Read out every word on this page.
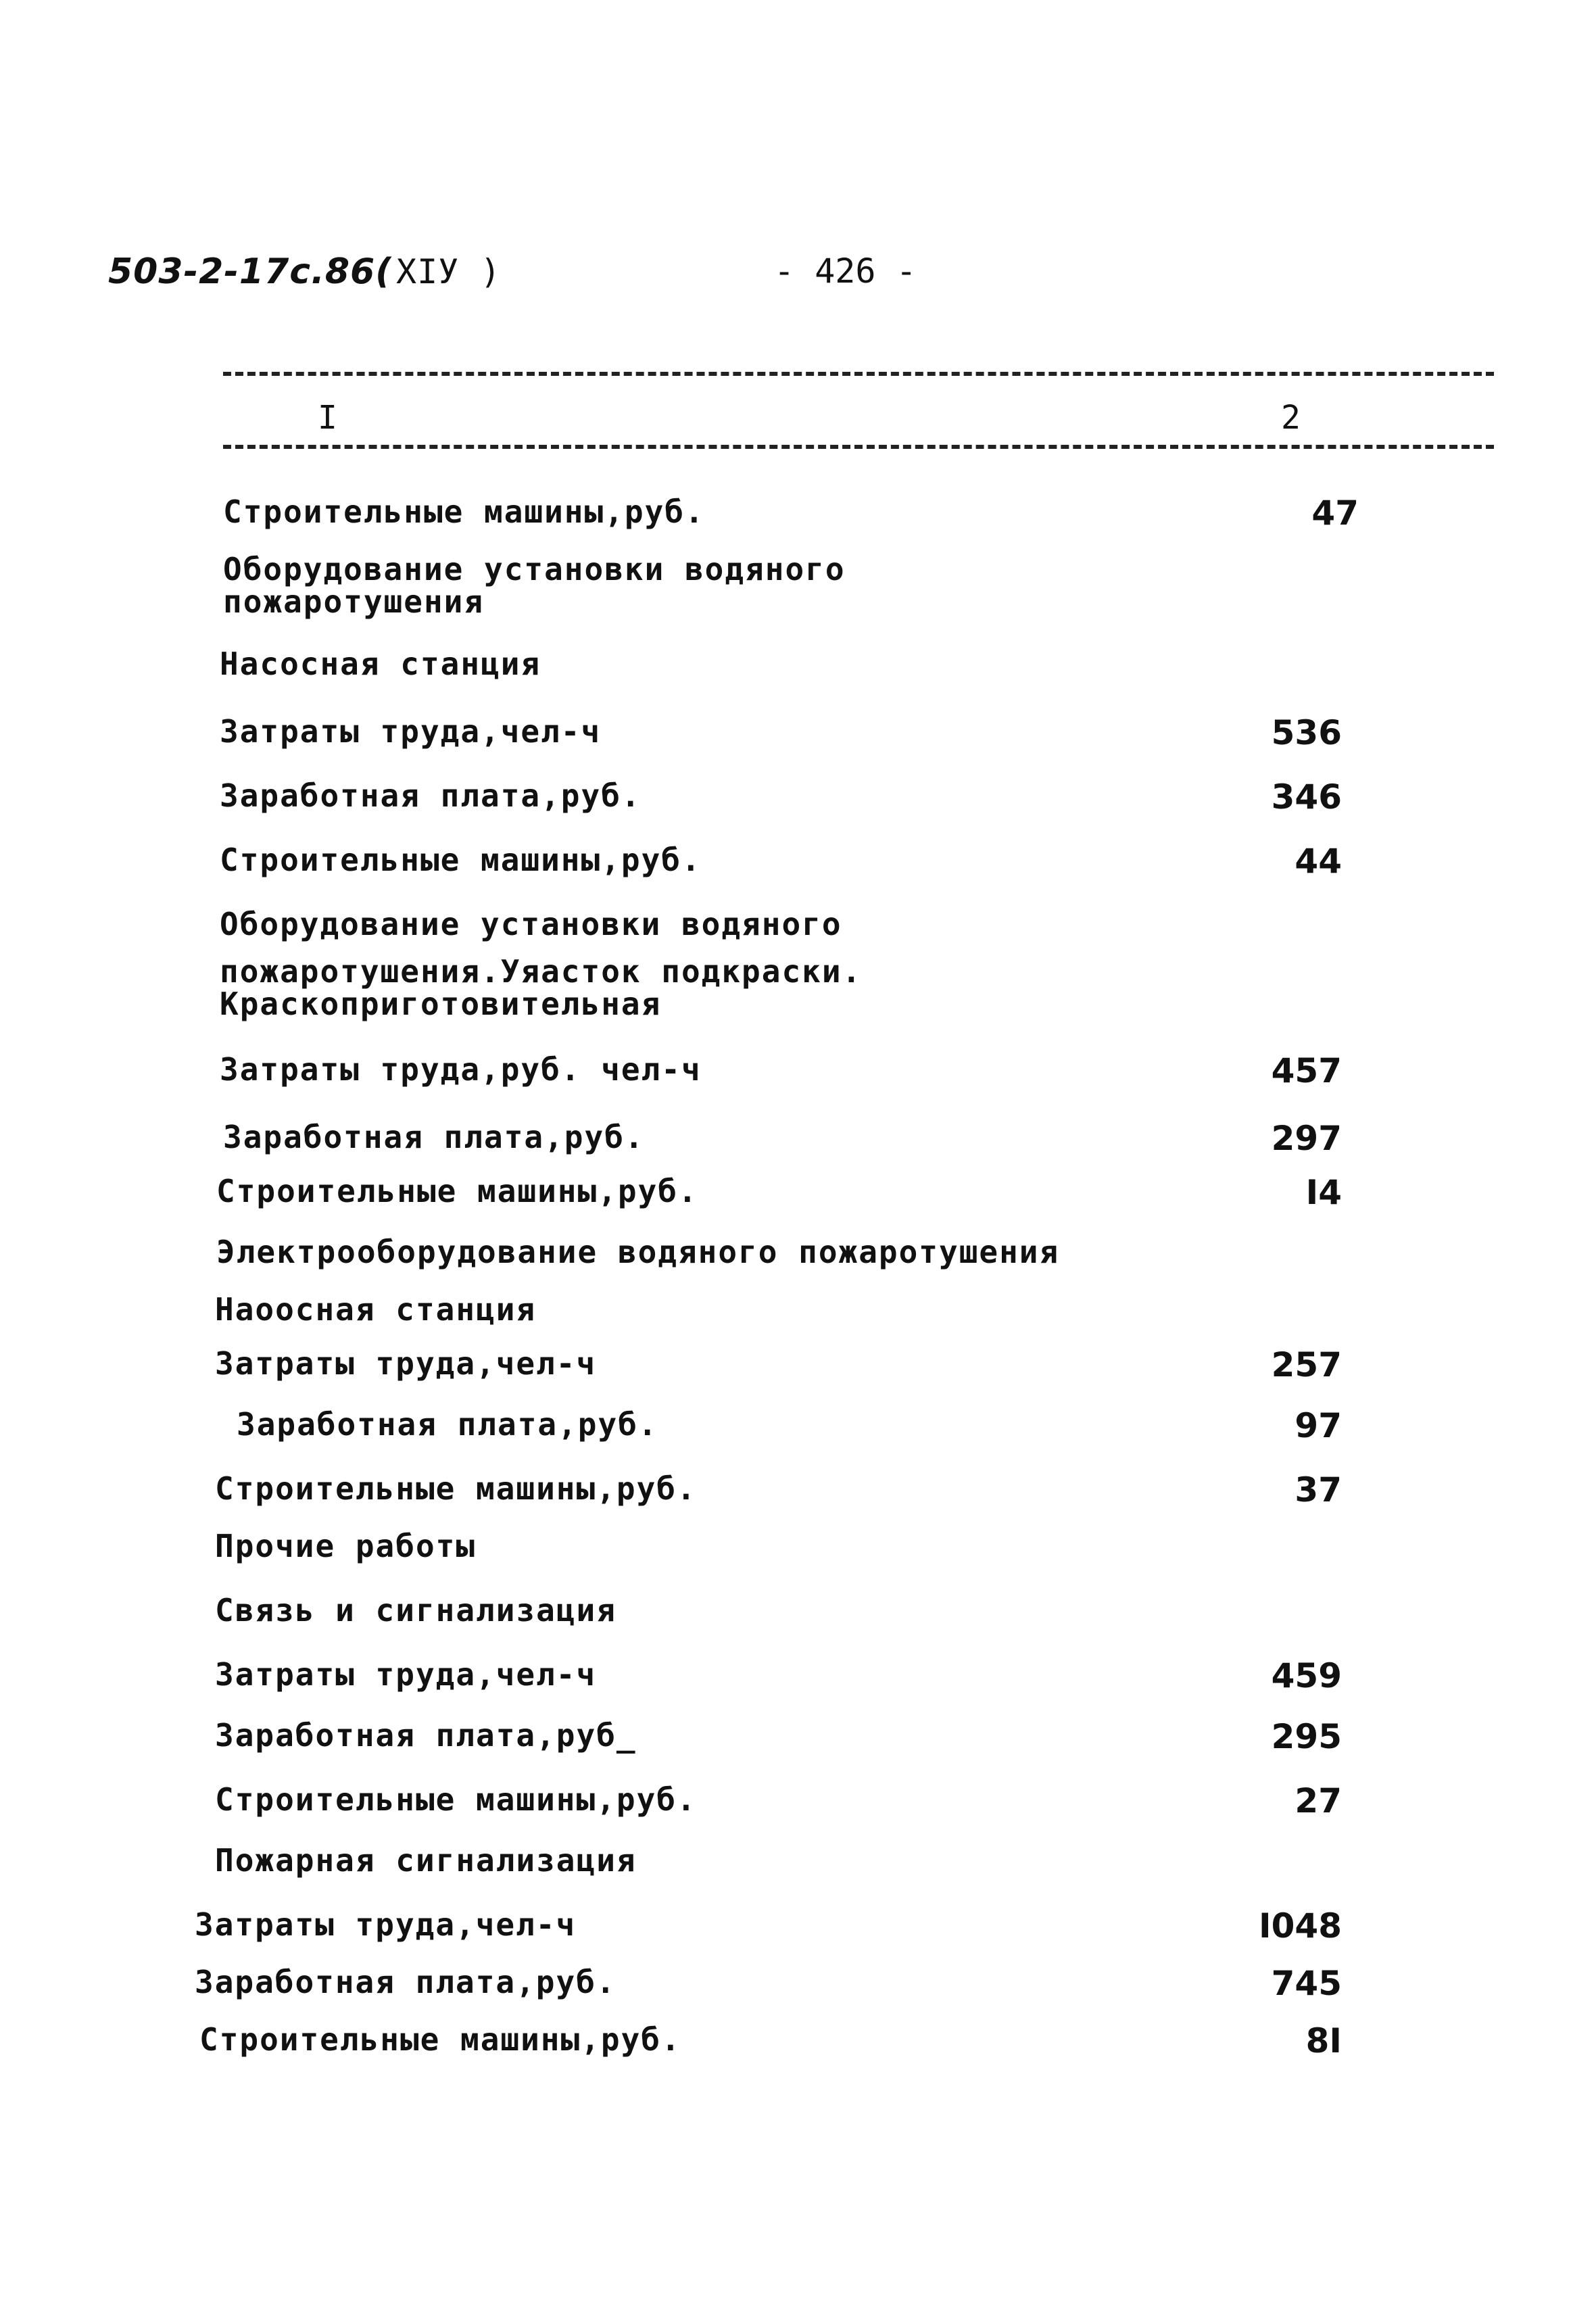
503-2-17c.86( XIУ )	- 426 -
I	2
Строительные машины,руб.	47
Оборудование установки водяного
пожаротушения
Насосная станция
Затраты труда,чел-ч	536
Заработная плата,руб.	346
Строительные машины,руб.	44
Оборудование установки водяного
пожаротушения.Уяасток подкраски.
Краскоприготовительная
Затраты труда,руб. чел-ч	457
Заработная плата,руб.	297
Строительные машины,руб.	I4
Электрооборудование водяного пожаротушения
Наоосная станция
Затраты труда,чел-ч	257
Заработная плата,руб.	97
Строительные машины,руб.	37
Прочие работы
Связь и сигнализация
Затраты труда,чел-ч	459
Заработная плата,руб_	295
Строительные машины,руб.	27
Пожарная сигнализация
Затраты труда,чел-ч	I048
Заработная плата,руб.	745
Строительные машины,руб.	8I
